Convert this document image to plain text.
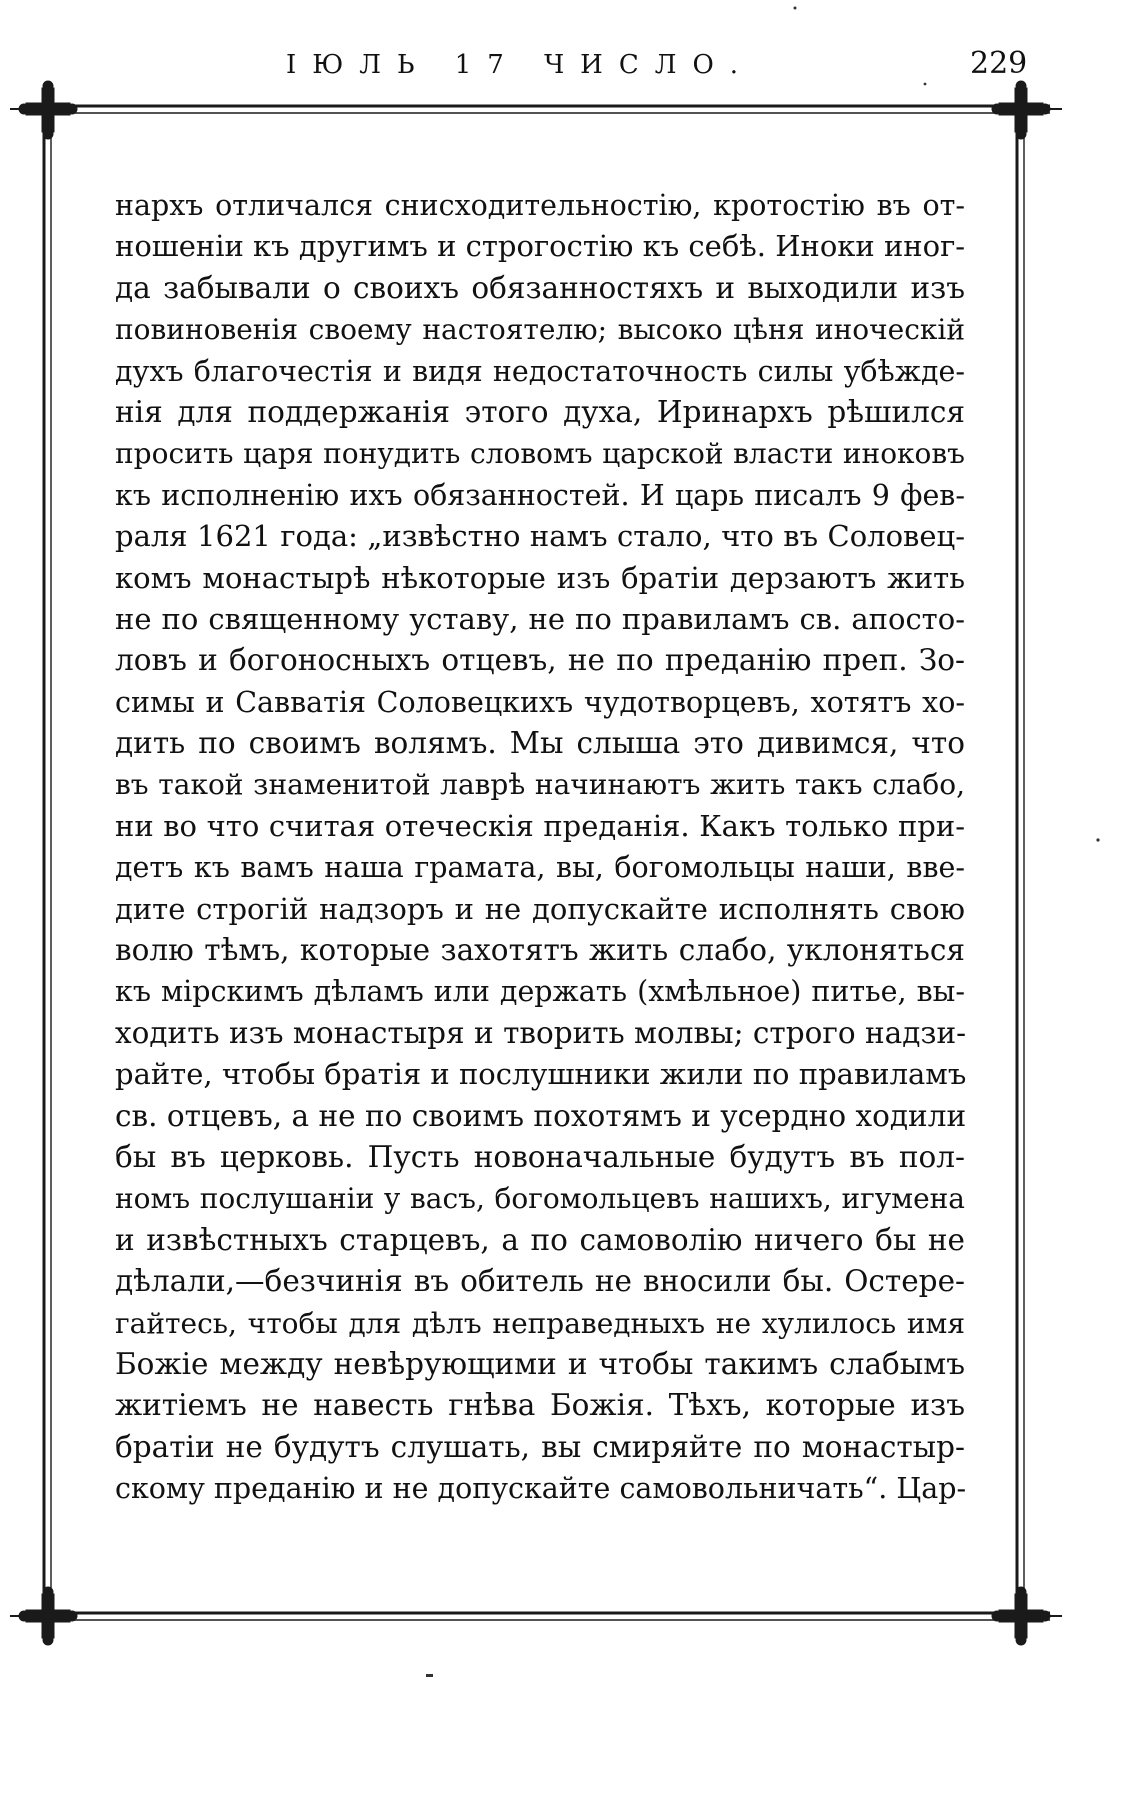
ІЮЛЬ 17 ЧИСЛО.	229
нархъ отличался снисходительностію, кротостію въ от-
ношеніи къ другимъ и строгостію къ себѣ. Иноки иног-
да забывали о своихъ обязанностяхъ и выходили изъ
повиновенія своему настоятелю; высоко цѣня иноческій
духъ благочестія и видя недостаточность силы убѣжде-
нія для поддержанія этого духа, Иринархъ рѣшился
просить царя понудить словомъ царской власти иноковъ
къ исполненію ихъ обязанностей. И царь писалъ 9 фев-
раля 1621 года: „извѣстно намъ стало, что въ Соловец-
комъ монастырѣ нѣкоторые изъ братіи дерзаютъ жить
не по священному уставу, не по правиламъ св. апосто-
ловъ и богоносныхъ отцевъ, не по преданію преп. Зо-
симы и Савватія Соловецкихъ чудотворцевъ, хотятъ хо-
дить по своимъ волямъ. Мы слыша это дивимся, что
въ такой знаменитой лаврѣ начинаютъ жить такъ слабо,
ни во что считая отеческія преданія. Какъ только при-
детъ къ вамъ наша грамата, вы, богомольцы наши, вве-
дите строгій надзоръ и не допускайте исполнять свою
волю тѣмъ, которые захотятъ жить слабо, уклоняться
къ мірскимъ дѣламъ или держать (хмѣльное) питье, вы-
ходить изъ монастыря и творить молвы; строго надзи-
райте, чтобы братія и послушники жили по правиламъ
св. отцевъ, а не по своимъ похотямъ и усердно ходили
бы въ церковь. Пусть новоначальные будутъ въ пол-
номъ послушаніи у васъ, богомольцевъ нашихъ, игумена
и извѣстныхъ старцевъ, а по самоволію ничего бы не
дѣлали,—безчинія въ обитель не вносили бы. Остере-
гайтесь, чтобы для дѣлъ неправедныхъ не хулилось имя
Божіе между невѣрующими и чтобы такимъ слабымъ
житіемъ не навесть гнѣва Божія. Тѣхъ, которые изъ
братіи не будутъ слушать, вы смиряйте по монастыр-
скому преданію и не допускайте самовольничать“. Цар-
